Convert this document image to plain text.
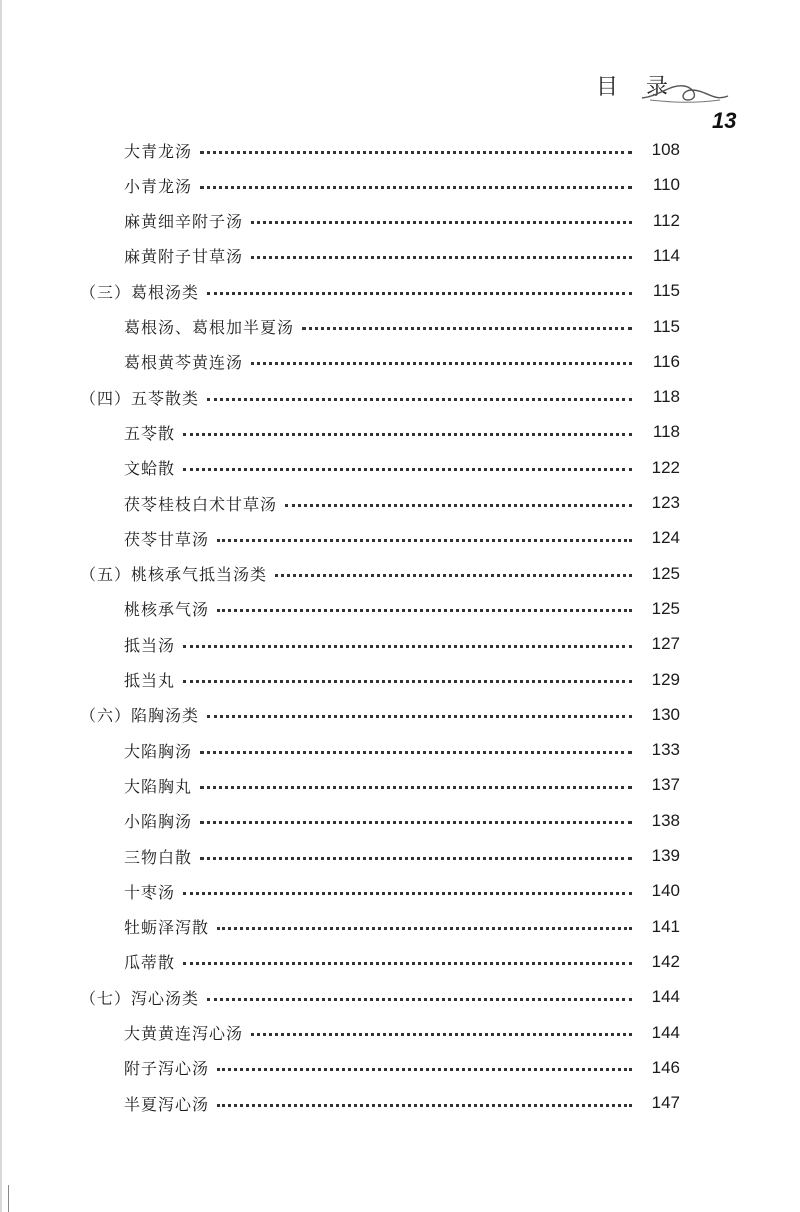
目录
13
大青龙汤	108
小青龙汤	110
麻黄细辛附子汤	112
麻黄附子甘草汤	114
（三）葛根汤类	115
葛根汤、葛根加半夏汤	115
葛根黄芩黄连汤	116
（四）五苓散类	118
五苓散	118
文蛤散	122
茯苓桂枝白术甘草汤	123
茯苓甘草汤	124
（五）桃核承气抵当汤类	125
桃核承气汤	125
抵当汤	127
抵当丸	129
（六）陷胸汤类	130
大陷胸汤	133
大陷胸丸	137
小陷胸汤	138
三物白散	139
十枣汤	140
牡蛎泽泻散	141
瓜蒂散	142
（七）泻心汤类	144
大黄黄连泻心汤	144
附子泻心汤	146
半夏泻心汤	147
